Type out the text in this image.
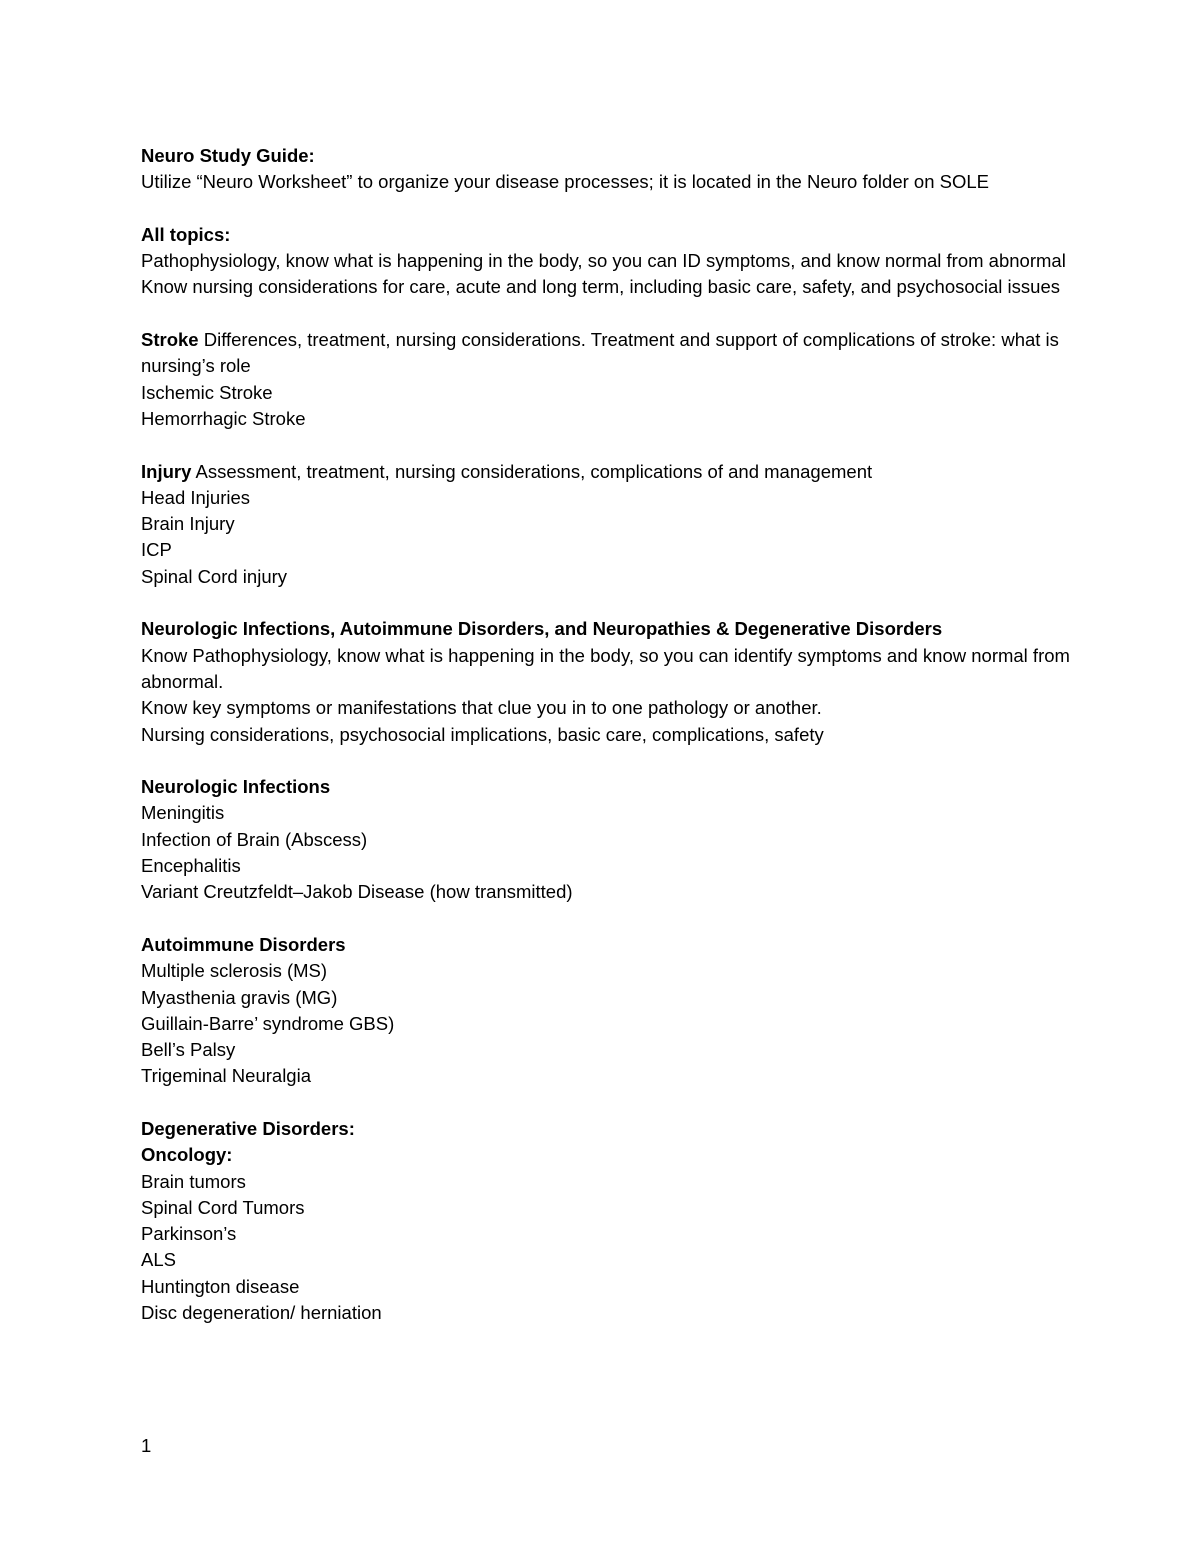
Neuro Study Guide:
Utilize “Neuro Worksheet” to organize your disease processes; it is located in the Neuro folder on SOLE
All topics:
Pathophysiology, know what is happening in the body, so you can ID symptoms, and know normal from abnormal
Know nursing considerations for care, acute and long term, including basic care, safety, and psychosocial issues
Stroke Differences, treatment, nursing considerations. Treatment and support of complications of stroke: what is nursing’s role
Ischemic Stroke
Hemorrhagic Stroke
Injury Assessment, treatment, nursing considerations, complications of and management
Head Injuries
Brain Injury
ICP
Spinal Cord injury
Neurologic Infections, Autoimmune Disorders, and Neuropathies & Degenerative Disorders
Know Pathophysiology, know what is happening in the body, so you can identify symptoms and know normal from abnormal.
Know key symptoms or manifestations that clue you in to one pathology or another.
Nursing considerations, psychosocial implications, basic care, complications, safety
Neurologic Infections
Meningitis
Infection of Brain (Abscess)
Encephalitis
Variant Creutzfeldt–Jakob Disease (how transmitted)
Autoimmune Disorders
Multiple sclerosis (MS)
Myasthenia gravis (MG)
Guillain-Barre’ syndrome GBS)
Bell’s Palsy
Trigeminal Neuralgia
Degenerative Disorders:
Oncology:
Brain tumors
Spinal Cord Tumors
Parkinson’s
ALS
Huntington disease
Disc degeneration/ herniation
1
